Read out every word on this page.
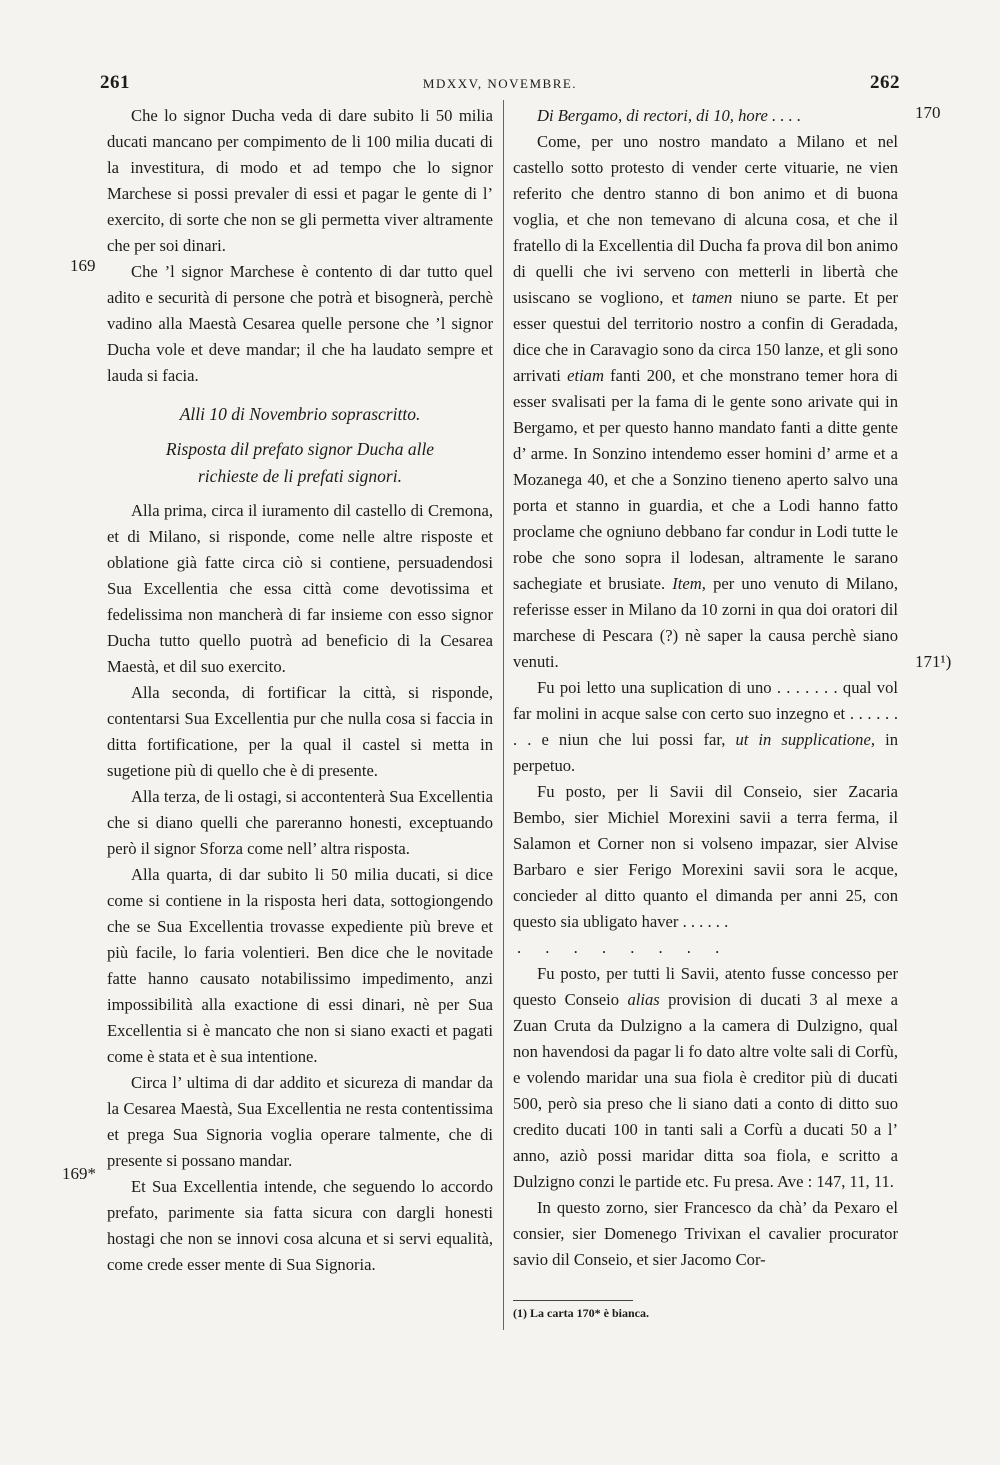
261	MDXXV, NOVEMBRE.	262
169
169*
170
171¹)

Che lo signor Ducha veda di dare subito li 50 milia ducati mancano per compimento de li 100 milia ducati di la investitura, di modo et ad tempo che lo signor Marchese si possi prevaler di essi et pagar le gente di l’ exercito, di sorte che non se gli permetta viver altramente che per soi dinari.

Che ’l signor Marchese è contento di dar tutto quel adito e securità di persone che potrà et bisognerà, perchè vadino alla Maestà Cesarea quelle persone che ’l signor Ducha vole et deve mandar; il che ha laudato sempre et lauda si facia.

Alli 10 di Novembrio soprascritto.
Risposta dil prefato signor Ducha alle
richieste de li prefati signori.

Alla prima, circa il iuramento dil castello di Cremona, et di Milano, si risponde, come nelle altre risposte et oblatione già fatte circa ciò si contiene, persuadendosi Sua Excellentia che essa città come devotissima et fedelissima non mancherà di far insieme con esso signor Ducha tutto quello puotrà ad beneficio di la Cesarea Maestà, et dil suo exercito.

Alla seconda, di fortificar la città, si risponde, contentarsi Sua Excellentia pur che nulla cosa si faccia in ditta fortificatione, per la qual il castel si metta in sugetione più di quello che è di presente.

Alla terza, de li ostagi, si accontenterà Sua Excellentia che si diano quelli che pareranno honesti, exceptuando però il signor Sforza come nell’ altra risposta.

Alla quarta, di dar subito li 50 milia ducati, si dice come si contiene in la risposta heri data, sottogiongendo che se Sua Excellentia trovasse expediente più breve et più facile, lo faria volentieri. Ben dice che le novitade fatte hanno causato notabilissimo impedimento, anzi impossibilità alla exactione di essi dinari, nè per Sua Excellentia si è mancato che non si siano exacti et pagati come è stata et è sua intentione.

Circa l’ ultima di dar addito et sicureza di mandar da la Cesarea Maestà, Sua Excellentia ne resta contentissima et prega Sua Signoria voglia operare talmente, che di presente si possano mandar.

Et Sua Excellentia intende, che seguendo lo accordo prefato, parimente sia fatta sicura con dargli honesti hostagi che non se innovi cosa alcuna et si servi equalità, come crede esser mente di Sua Signoria.

Di Bergamo, di rectori, di 10, hore . . . .

Come, per uno nostro mandato a Milano et nel castello sotto protesto di vender certe vituarie, ne vien referito che dentro stanno di bon animo et di buona voglia, et che non temevano di alcuna cosa, et che il fratello di la Excellentia dil Ducha fa prova dil bon animo di quelli che ivi serveno con metterli in libertà che usiscano se vogliono, et tamen niuno se parte. Et per esser questui del territorio nostro a confin di Geradada, dice che in Caravagio sono da circa 150 lanze, et gli sono arrivati etiam fanti 200, et che monstrano temer hora di esser svalisati per la fama di le gente sono arivate qui in Bergamo, et per questo hanno mandato fanti a ditte gente d’ arme. In Sonzino intendemo esser homini d’ arme et a Mozanega 40, et che a Sonzino tieneno aperto salvo una porta et stanno in guardia, et che a Lodi hanno fatto proclame che ogniuno debbano far condur in Lodi tutte le robe che sono sopra il lodesan, altramente le sarano sachegiate et brusiate. Item, per uno venuto di Milano, referisse esser in Milano da 10 zorni in qua doi oratori dil marchese di Pescara (?) nè saper la causa perchè siano venuti.

Fu poi letto una suplication di uno . . . . . . . qual vol far molini in acque salse con certo suo inzegno et . . . . . . . . e niun che lui possi far, ut in supplicatione, in perpetuo.

Fu posto, per li Savii dil Conseio, sier Zacaria Bembo, sier Michiel Morexini savii a terra ferma, il Salamon et Corner non si volseno impazar, sier Alvise Barbaro e sier Ferigo Morexini savii sora le acque, concieder al ditto quanto el dimanda per anni 25, con questo sia ubligato haver . . . . . .

. . . . . . . .

Fu posto, per tutti li Savii, atento fusse concesso per questo Conseio alias provision di ducati 3 al mexe a Zuan Cruta da Dulzigno a la camera di Dulzigno, qual non havendosi da pagar li fo dato altre volte sali di Corfù, e volendo maridar una sua fiola è creditor più di ducati 500, però sia preso che li siano dati a conto di ditto suo credito ducati 100 in tanti sali a Corfù a ducati 50 a l’ anno, aziò possi maridar ditta soa fiola, e scritto a Dulzigno conzi le partide etc. Fu presa. Ave : 147, 11, 11.

In questo zorno, sier Francesco da chà’ da Pexaro el consier, sier Domenego Trivixan el cavalier procurator savio dil Conseio, et sier Jacomo Cor-

(1) La carta 170* è bianca.
